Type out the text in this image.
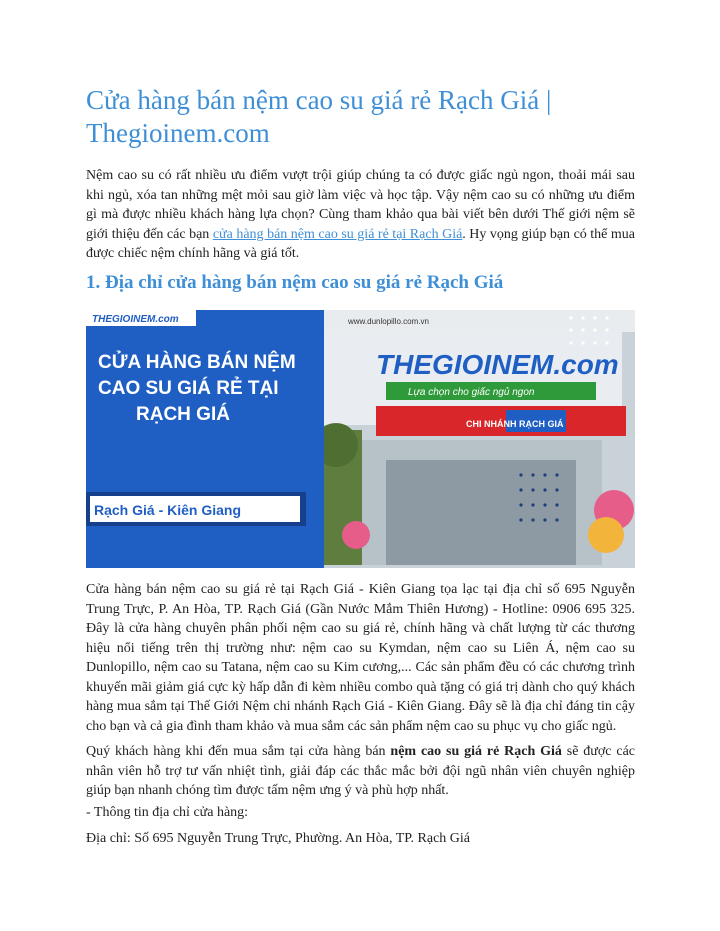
Cửa hàng bán nệm cao su giá rẻ Rạch Giá | Thegioinem.com

Nệm cao su có rất nhiều ưu điểm vượt trội giúp chúng ta có được giấc ngủ ngon, thoải mái sau khi ngủ, xóa tan những mệt mỏi sau giờ làm việc và học tập. Vậy nệm cao su có những ưu điểm gì mà được nhiều khách hàng lựa chọn? Cùng tham khảo qua bài viết bên dưới Thế giới nệm sẽ giới thiệu đến các bạn cửa hàng bán nệm cao su giá rẻ tại Rạch Giá. Hy vọng giúp bạn có thể mua được chiếc nệm chính hãng và giá tốt.

1. Địa chỉ cửa hàng bán nệm cao su giá rẻ Rạch Giá
www.dunlopillo.com.vn
THEGIOINEM.com
Lựa chọn cho giấc ngủ ngon
CHI NHÁNH RẠCH GIÁ
THEGIOINEM.com
CỬA HÀNG BÁN NỆM
CAO SU GIÁ RẺ TẠI
RẠCH GIÁ
Rạch Giá - Kiên Giang

Cửa hàng bán nệm cao su giá rẻ tại Rạch Giá - Kiên Giang tọa lạc tại địa chỉ số 695 Nguyễn Trung Trực, P. An Hòa, TP. Rạch Giá (Gần Nước Mắm Thiên Hương) - Hotline: 0906 695 325. Đây là cửa hàng chuyên phân phối nệm cao su giá rẻ, chính hãng và chất lượng từ các thương hiệu nổi tiếng trên thị trường như: nệm cao su Kymdan, nệm cao su Liên Á, nệm cao su Dunlopillo, nệm cao su Tatana, nệm cao su Kim cương,... Các sản phẩm đều có các chương trình khuyến mãi giảm giá cực kỳ hấp dẫn đi kèm nhiều combo quà tặng có giá trị dành cho quý khách hàng mua sắm tại Thế Giới Nệm chi nhánh Rạch Giá - Kiên Giang. Đây sẽ là địa chỉ đáng tin cậy cho bạn và cả gia đình tham khảo và mua sắm các sản phẩm nệm cao su phục vụ cho giấc ngủ.

Quý khách hàng khi đến mua sắm tại cửa hàng bán nệm cao su giá rẻ Rạch Giá sẽ được các nhân viên hỗ trợ tư vấn nhiệt tình, giải đáp các thắc mắc bởi đội ngũ nhân viên chuyên nghiệp giúp bạn nhanh chóng tìm được tấm nệm ưng ý và phù hợp nhất.

- Thông tin địa chỉ cửa hàng:

Địa chỉ: Số 695 Nguyễn Trung Trực, Phường. An Hòa, TP. Rạch Giá
